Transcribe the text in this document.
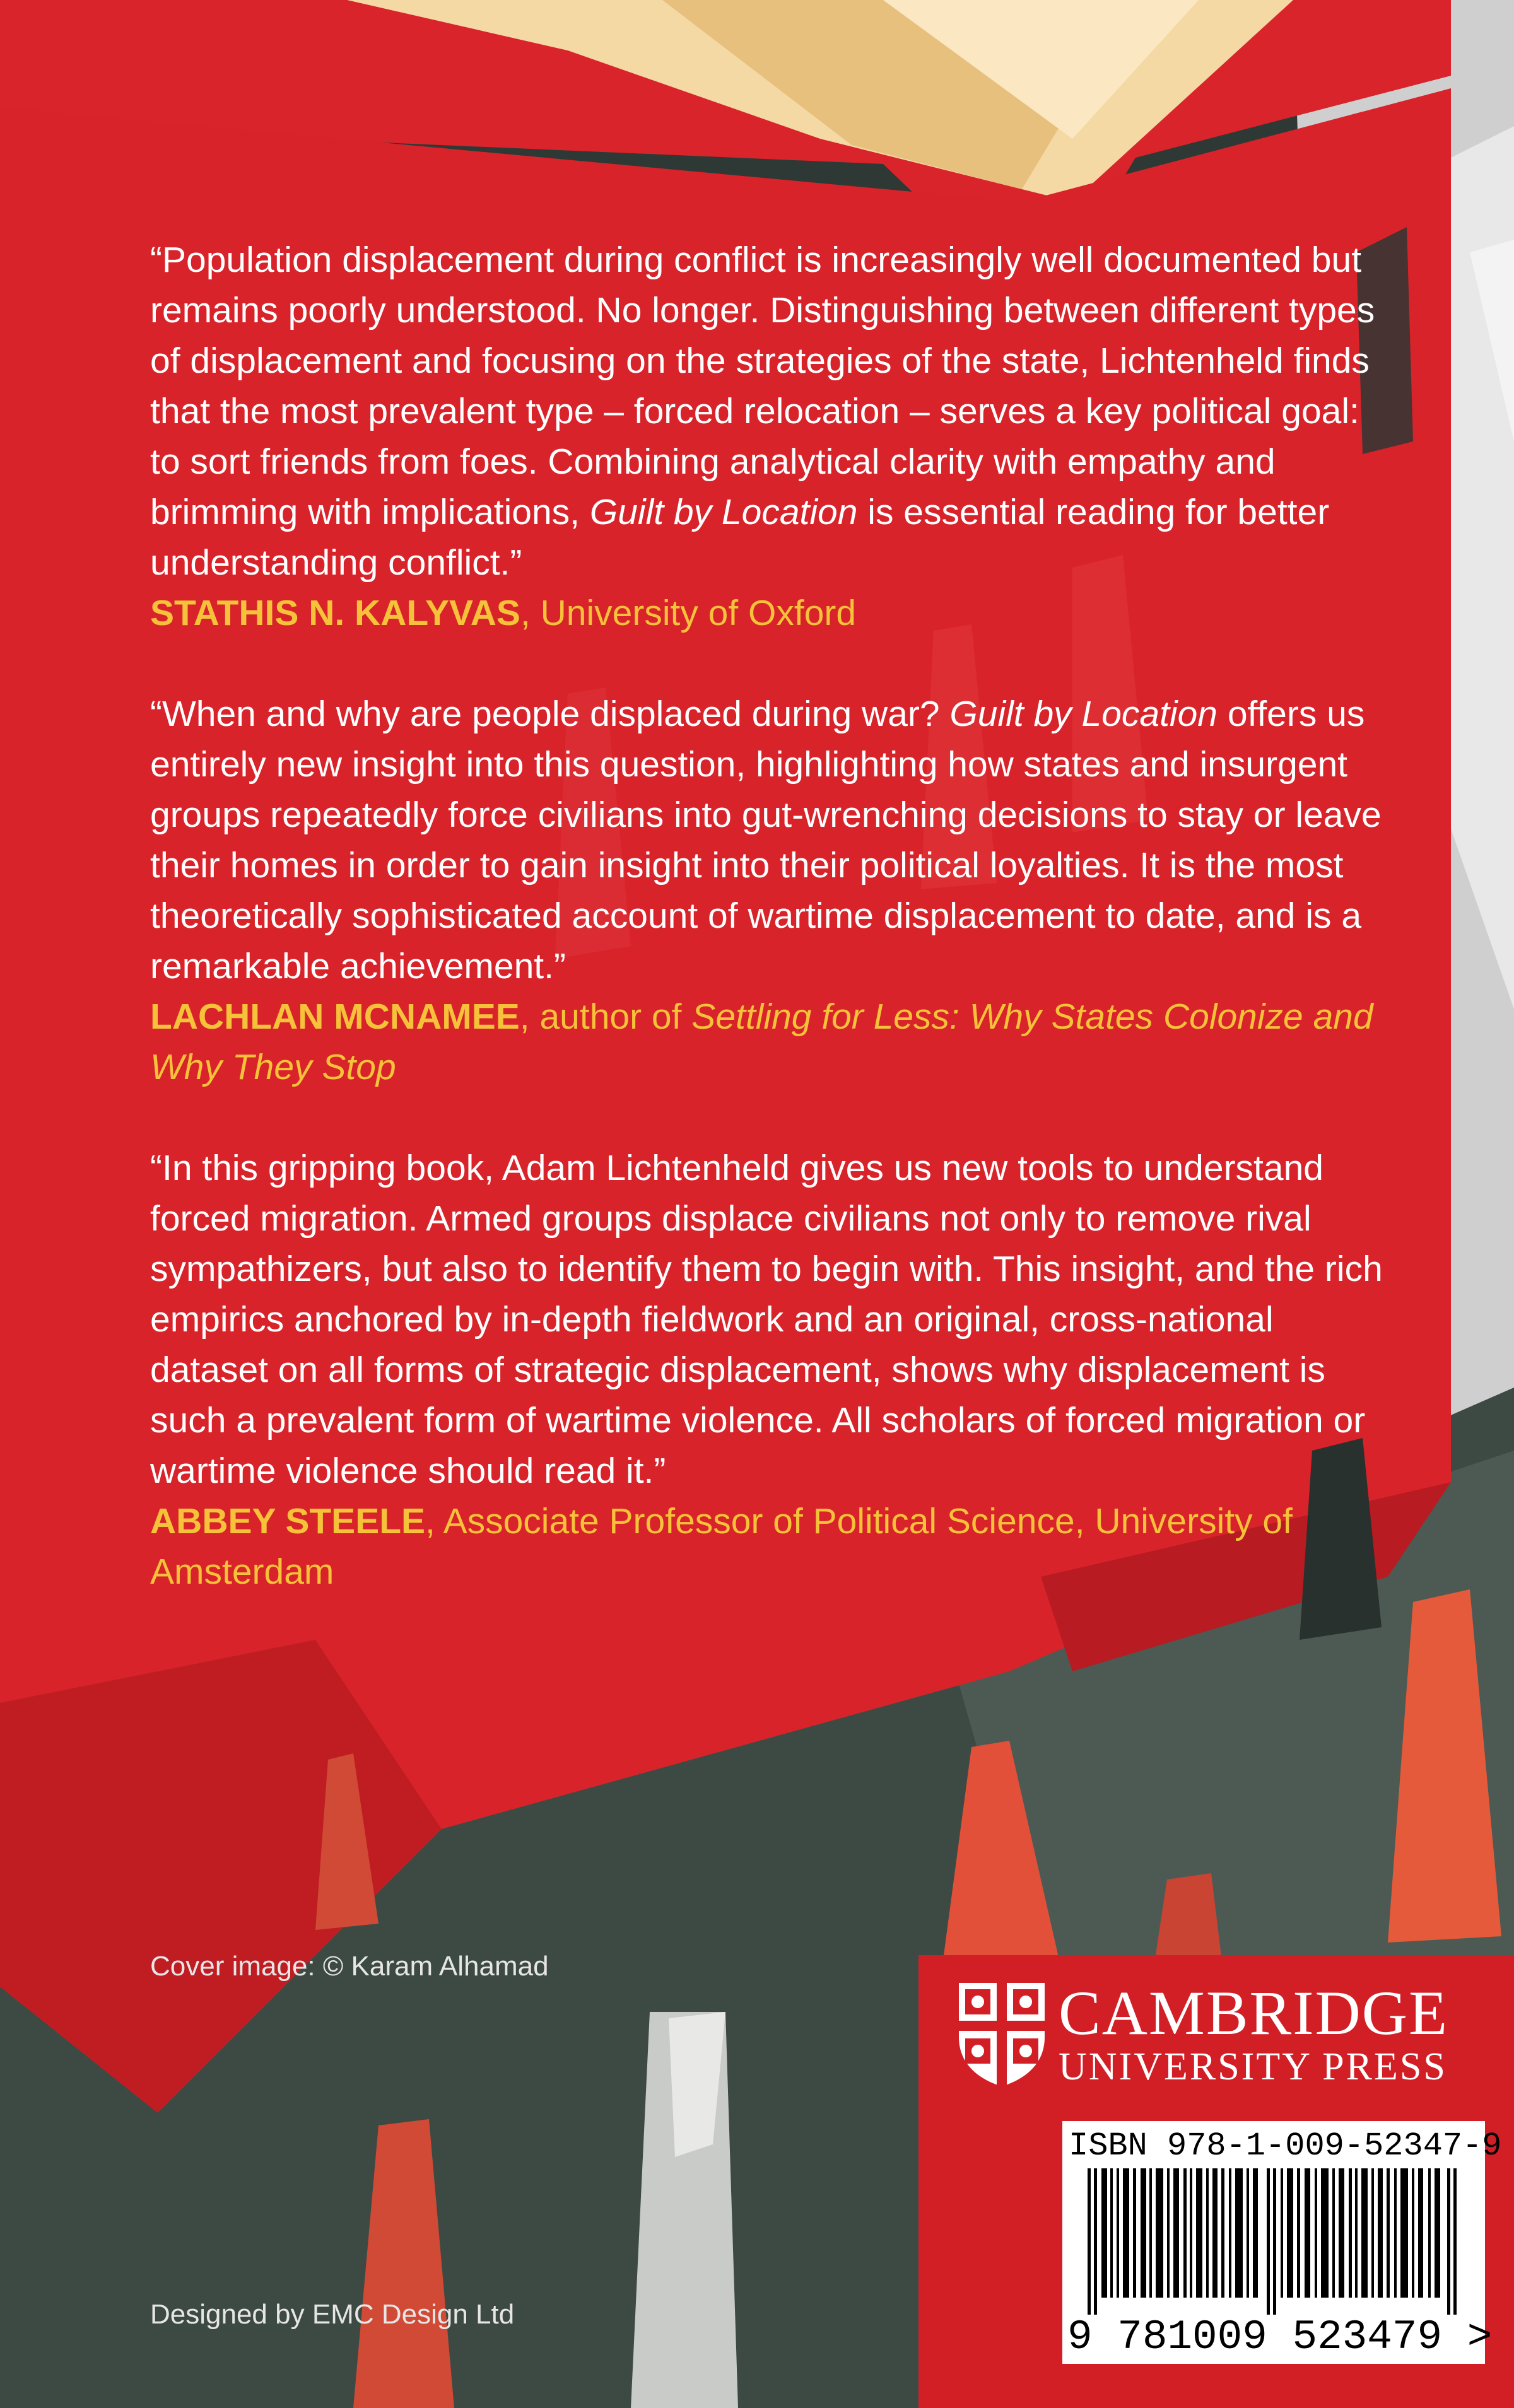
“Population displacement during conflict is increasingly well documented but remains poorly understood. No longer. Distinguishing between different types of displacement and focusing on the strategies of the state, Lichtenheld finds that the most prevalent type – forced relocation – serves a key political goal: to sort friends from foes. Combining analytical clarity with empathy and brimming with implications, Guilt by Location is essential reading for better understanding conflict.”

STATHIS N. KALYVAS, University of Oxford

“When and why are people displaced during war? Guilt by Location offers us entirely new insight into this question, highlighting how states and insurgent groups repeatedly force civilians into gut-wrenching decisions to stay or leave their homes in order to gain insight into their political loyalties. It is the most theoretically sophisticated account of wartime displacement to date, and is a remarkable achievement.”

LACHLAN MCNAMEE, author of Settling for Less: Why States Colonize and Why They Stop

“In this gripping book, Adam Lichtenheld gives us new tools to understand forced migration. Armed groups displace civilians not only to remove rival sympathizers, but also to identify them to begin with. This insight, and the rich empirics anchored by in-depth fieldwork and an original, cross-national dataset on all forms of strategic displacement, shows why displacement is such a prevalent form of wartime violence. All scholars of forced migration or wartime violence should read it.”

ABBEY STEELE, Associate Professor of Political Science, University of Amsterdam

Cover image: © Karam Alhamad
Designed by EMC Design Ltd
CAMBRIDGE
UNIVERSITY PRESS
ISBN 978-1-009-52347-9
9 781009 523479 >
